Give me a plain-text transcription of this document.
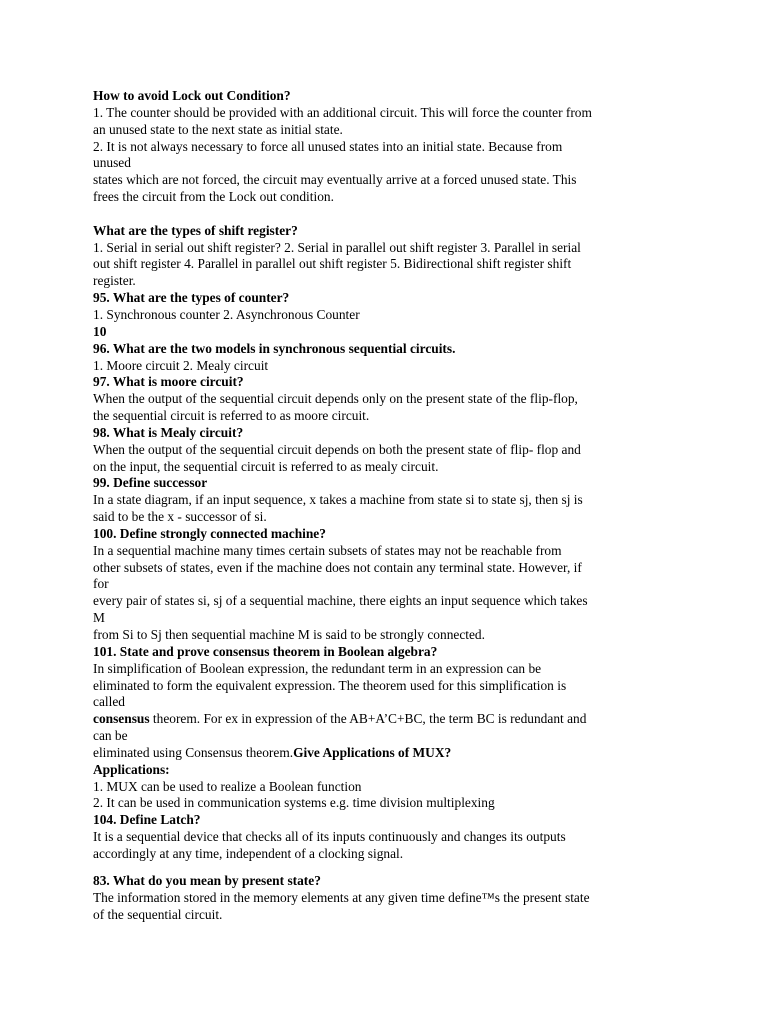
How to avoid Lock out Condition?
1. The counter should be provided with an additional circuit. This will force the counter from
an unused state to the next state as initial state.
2. It is not always necessary to force all unused states into an initial state. Because from
unused
states which are not forced, the circuit may eventually arrive at a forced unused state. This
frees the circuit from the Lock out condition.
What are the types of shift register?
1. Serial in serial out shift register? 2. Serial in parallel out shift register 3. Parallel in serial
out shift register 4. Parallel in parallel out shift register 5. Bidirectional shift register shift
register.
95. What are the types of counter?
1. Synchronous counter 2. Asynchronous Counter
10
96. What are the two models in synchronous sequential circuits.
1. Moore circuit 2. Mealy circuit
97. What is moore circuit?
When the output of the sequential circuit depends only on the present state of the flip-flop,
the sequential circuit is referred to as moore circuit.
98. What is Mealy circuit?
When the output of the sequential circuit depends on both the present state of flip- flop and
on the input, the sequential circuit is referred to as mealy circuit.
99. Define successor
In a state diagram, if an input sequence, x takes a machine from state si to state sj, then sj is
said to be the x - successor of si.
100. Define strongly connected machine?
In a sequential machine many times certain subsets of states may not be reachable from
other subsets of states, even if the machine does not contain any terminal state. However, if
for
every pair of states si, sj of a sequential machine, there eights an input sequence which takes
M
from Si to Sj then sequential machine M is said to be strongly connected.
101. State and prove consensus theorem in Boolean algebra?
In simplification of Boolean expression, the redundant term in an expression can be
eliminated to form the equivalent expression. The theorem used for this simplification is
called
consensus theorem. For ex in expression of the AB+A’C+BC, the term BC is redundant and
can be
eliminated using Consensus theorem.Give Applications of MUX?
Applications:
1. MUX can be used to realize a Boolean function
2. It can be used in communication systems e.g. time division multiplexing
104. Define Latch?
It is a sequential device that checks all of its inputs continuously and changes its outputs
accordingly at any time, independent of a clocking signal.
83. What do you mean by present state?
The information stored in the memory elements at any given time define™s the present state
of the sequential circuit.
